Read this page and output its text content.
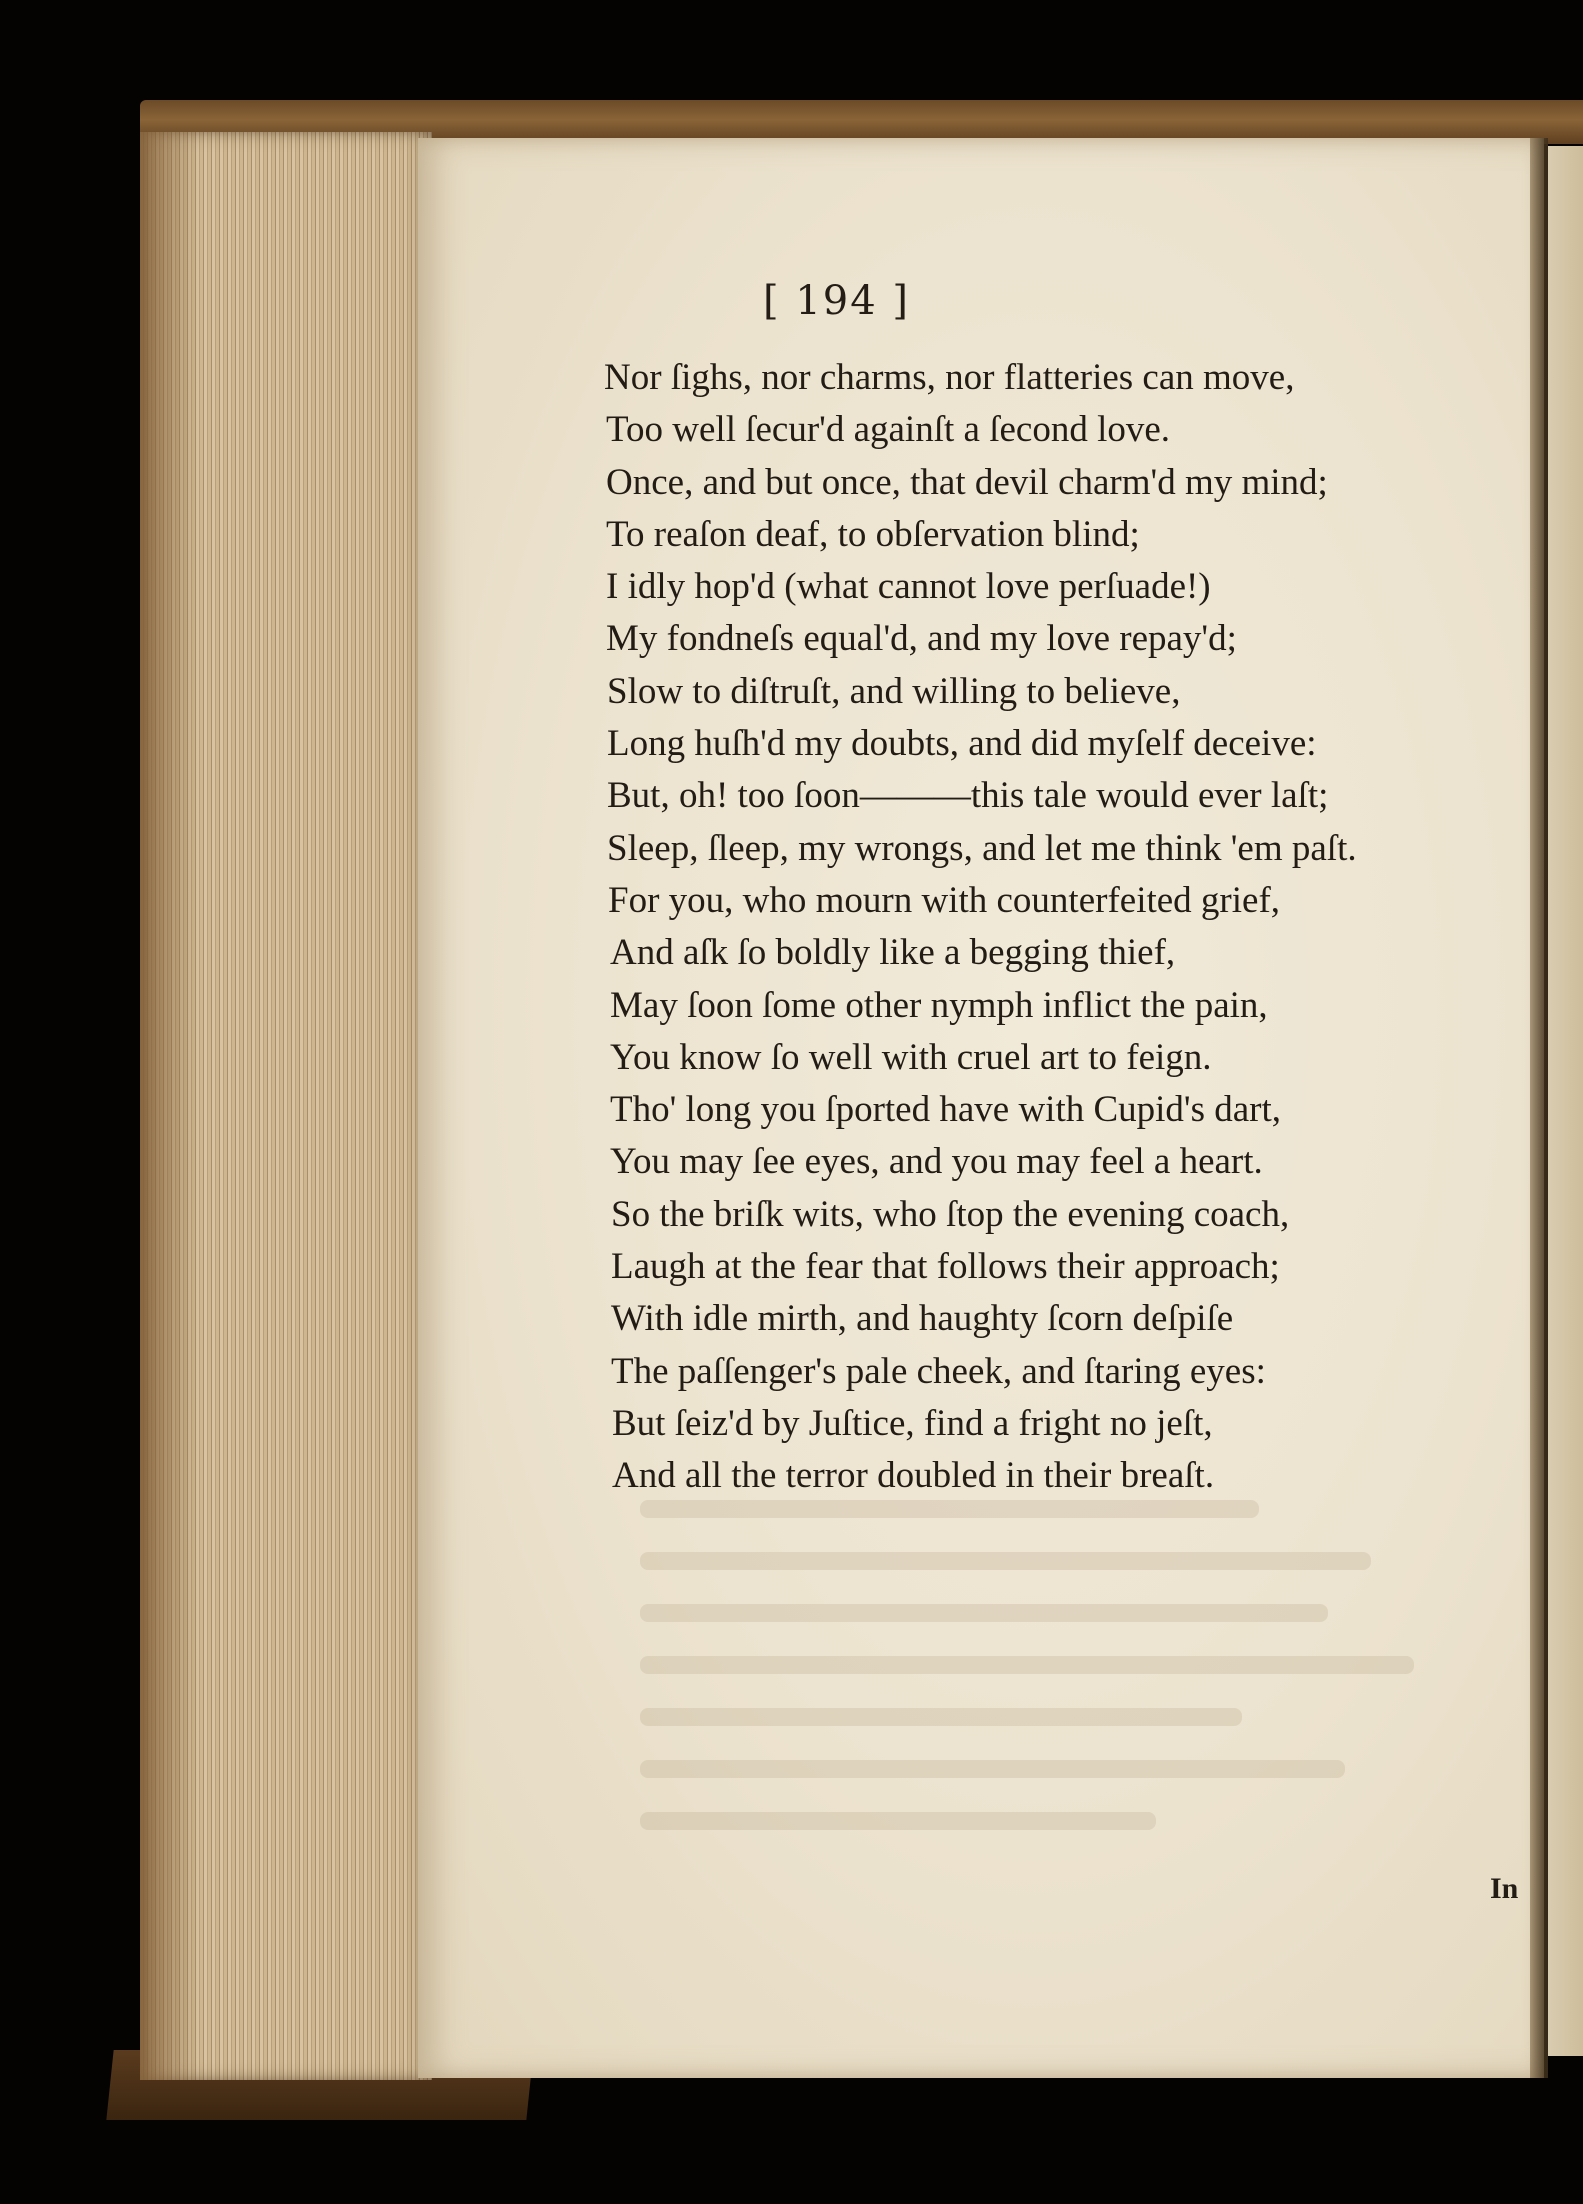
[ 194 ]
Nor ſighs, nor charms, nor flatteries can move,
Too well ſecur'd againſt a ſecond love.
Once, and but once, that devil charm'd my mind;
To reaſon deaf, to obſervation blind;
I idly hop'd (what cannot love perſuade!)
My fondneſs equal'd, and my love repay'd;
Slow to diſtruſt, and willing to believe,
Long huſh'd my doubts, and did myſelf deceive:
But, oh! too ſoon———this tale would ever laſt;
Sleep, ſleep, my wrongs, and let me think 'em paſt.
For you, who mourn with counterfeited grief,
And aſk ſo boldly like a begging thief,
May ſoon ſome other nymph inflict the pain,
You know ſo well with cruel art to feign.
Tho' long you ſported have with Cupid's dart,
You may ſee eyes, and you may feel a heart.
So the briſk wits, who ſtop the evening coach,
Laugh at the fear that follows their approach;
With idle mirth, and haughty ſcorn deſpiſe
The paſſenger's pale cheek, and ſtaring eyes:
But ſeiz'd by Juſtice, find a fright no jeſt,
And all the terror doubled in their breaſt.
In
